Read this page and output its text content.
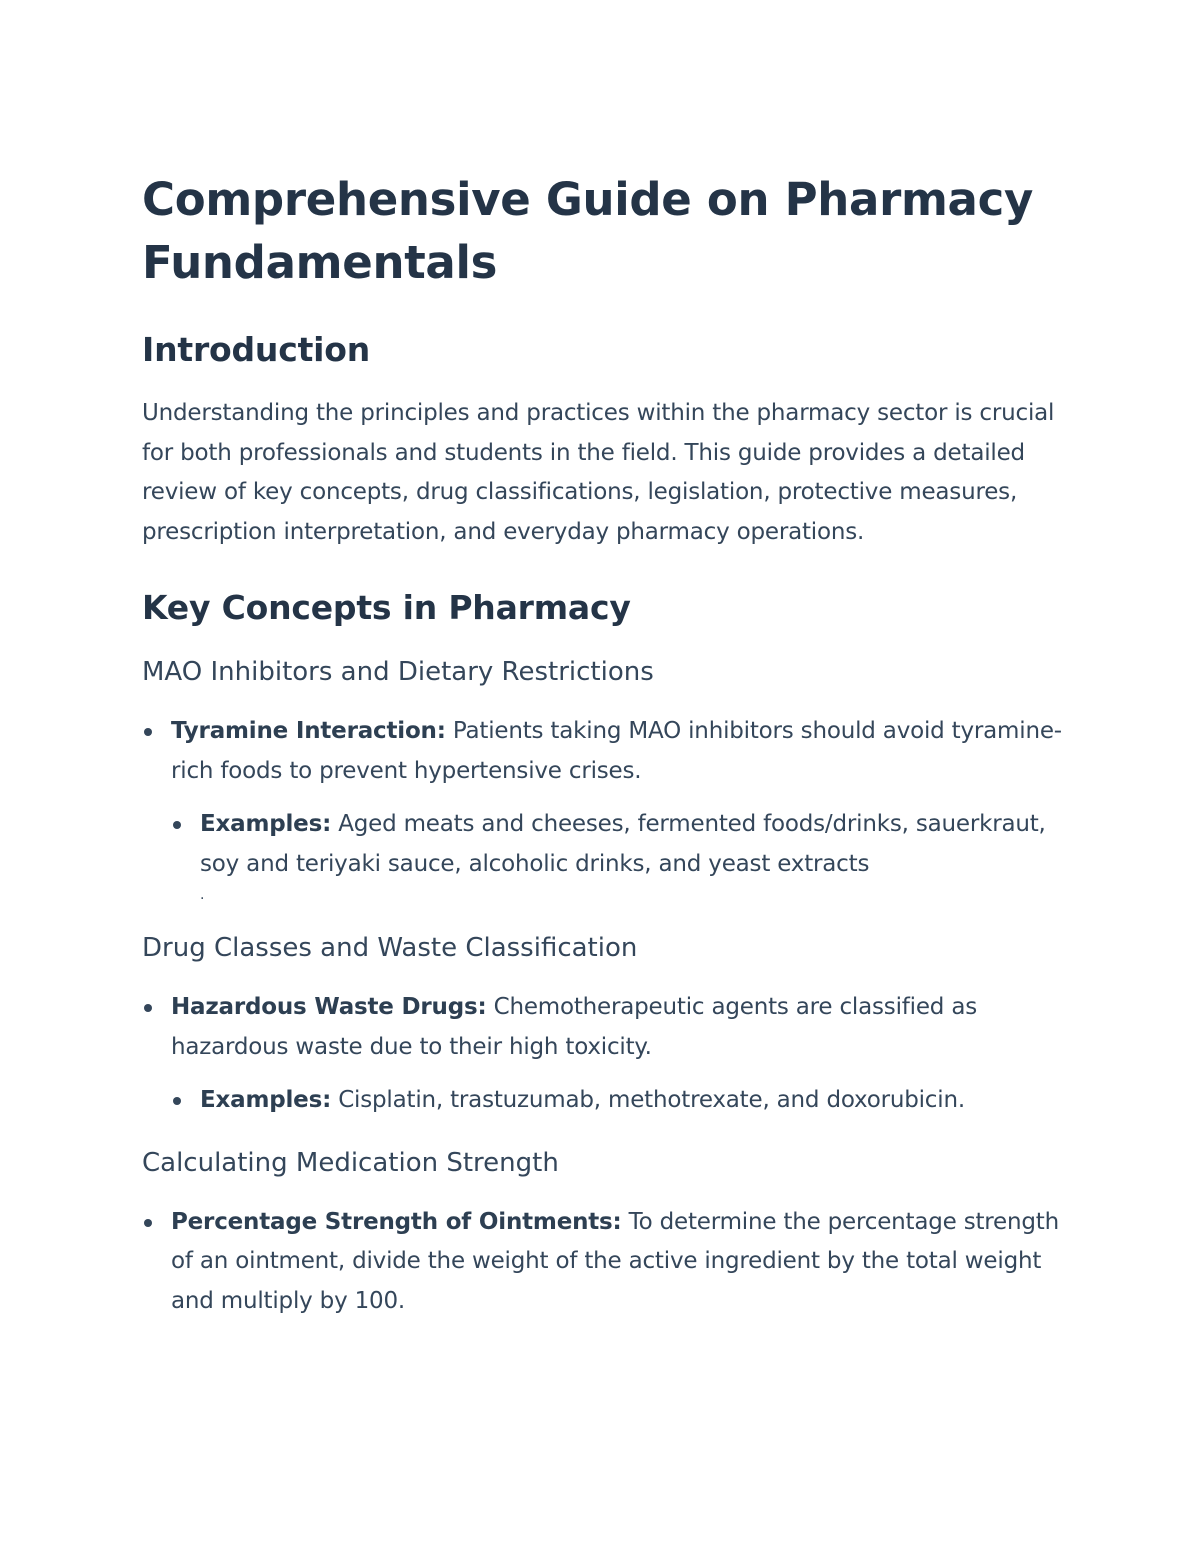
Comprehensive Guide on Pharmacy Fundamentals
Introduction

Understanding the principles and practices within the pharmacy sector is crucial for both professionals and students in the field. This guide provides a detailed review of key concepts, drug classifications, legislation, protective measures, prescription interpretation, and everyday pharmacy operations.

Key Concepts in Pharmacy
MAO Inhibitors and Dietary Restrictions
Tyramine Interaction: Patients taking MAO inhibitors should avoid tyramine-rich foods to prevent hypertensive crises.
Examples: Aged meats and cheeses, fermented foods/drinks, sauerkraut, soy and teriyaki sauce, alcoholic drinks, and yeast extracts
.
Drug Classes and Waste Classification
Hazardous Waste Drugs: Chemotherapeutic agents are classified as hazardous waste due to their high toxicity.
Examples: Cisplatin, trastuzumab, methotrexate, and doxorubicin.
Calculating Medication Strength
Percentage Strength of Ointments: To determine the percentage strength of an ointment, divide the weight of the active ingredient by the total weight and multiply by 100.
